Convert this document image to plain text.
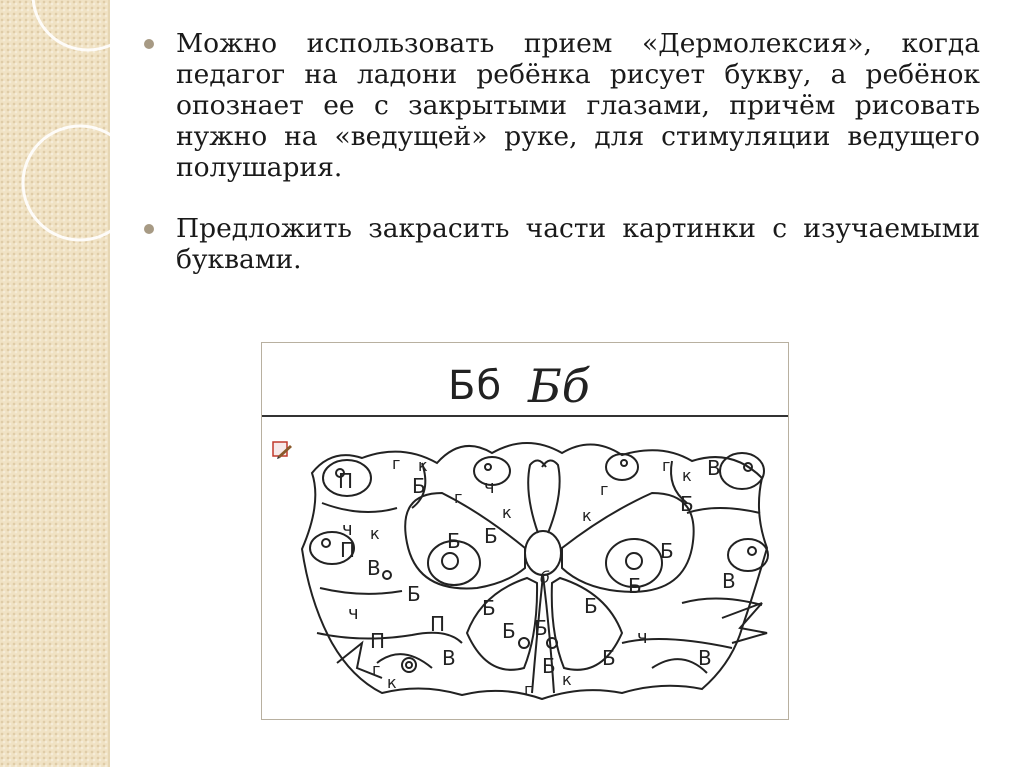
Можно использовать прием «Дермолексия», когда педагог на ладони ребёнка рисует букву, а ребёнок опознает ее с закрытыми глазами, причём рисовать нужно на «ведущей» руке, для стимуляции ведущего полушария.
Предложить закрасить части картинки с изучаемыми буквами.
Бб Бб
Б
Б
Б
Б
Б
Б
Б Б
Б
Б
Б
Б
Б
б
В
В
В	В
В
П
П
П
П
ч
ч
ч
ч
г
г	г
г
г
г
к
к
к	к
к
к	к
